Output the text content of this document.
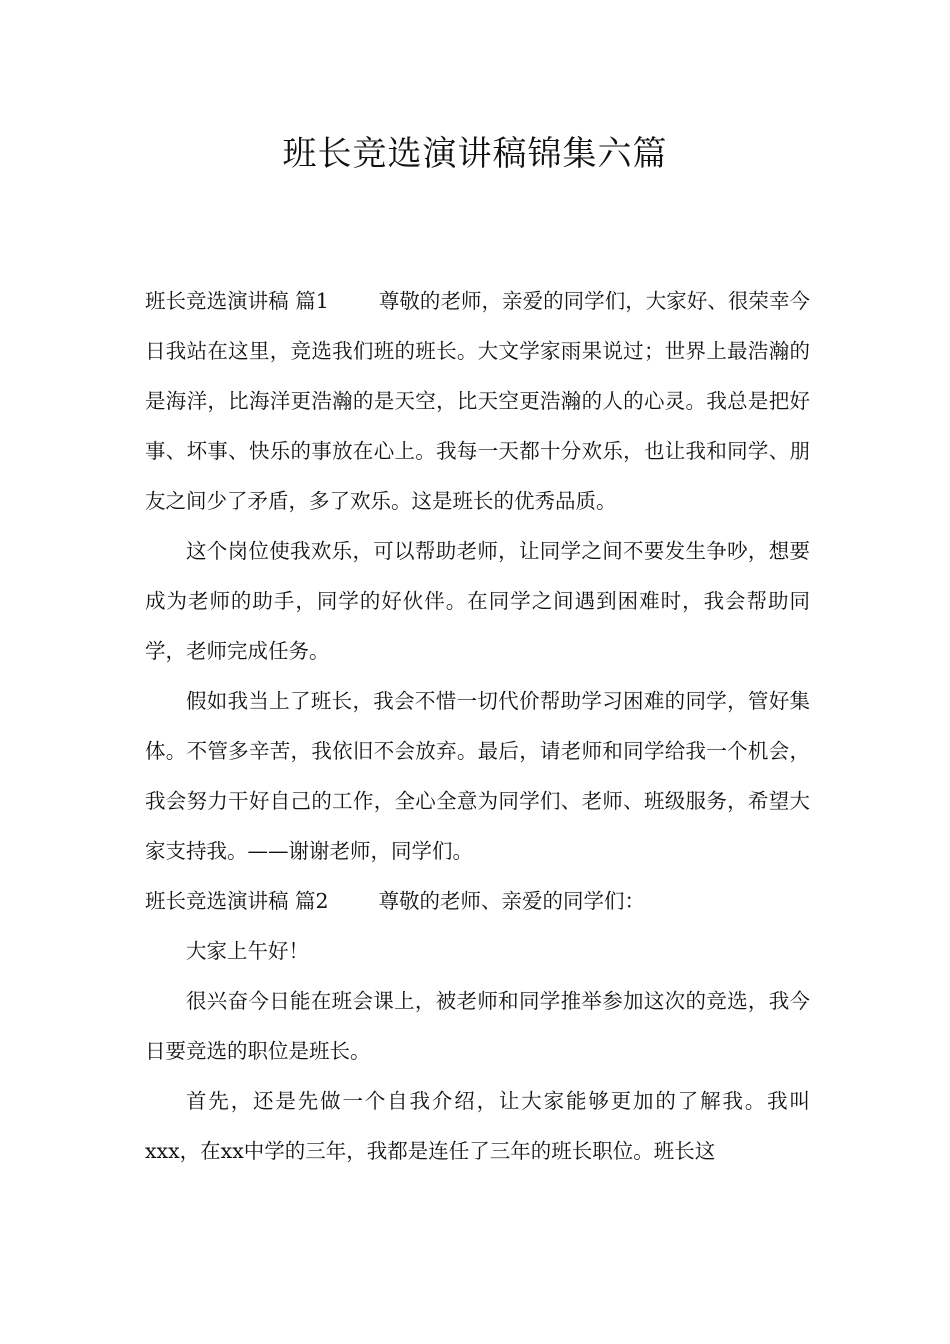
班长竞选演讲稿锦集六篇

班长竞选演讲稿 篇1 尊敬的老师，亲爱的同学们，大家好、很荣幸今日我站在这里，竞选我们班的班长。大文学家雨果说过；世界上最浩瀚的是海洋，比海洋更浩瀚的是天空，比天空更浩瀚的人的心灵。我总是把好事、坏事、快乐的事放在心上。我每一天都十分欢乐，也让我和同学、朋友之间少了矛盾，多了欢乐。这是班长的优秀品质。

这个岗位使我欢乐，可以帮助老师，让同学之间不要发生争吵，想要成为老师的助手，同学的好伙伴。在同学之间遇到困难时，我会帮助同学，老师完成任务。

假如我当上了班长，我会不惜一切代价帮助学习困难的同学，管好集体。不管多辛苦，我依旧不会放弃。最后，请老师和同学给我一个机会，我会努力干好自己的工作，全心全意为同学们、老师、班级服务，希望大家支持我。——谢谢老师，同学们。

班长竞选演讲稿 篇2 尊敬的老师、亲爱的同学们：

大家上午好！

很兴奋今日能在班会课上，被老师和同学推举参加这次的竞选，我今日要竞选的职位是班长。

首先，还是先做一个自我介绍，让大家能够更加的了解我。我叫xxx，在xx中学的三年，我都是连任了三年的班长职位。班长这
